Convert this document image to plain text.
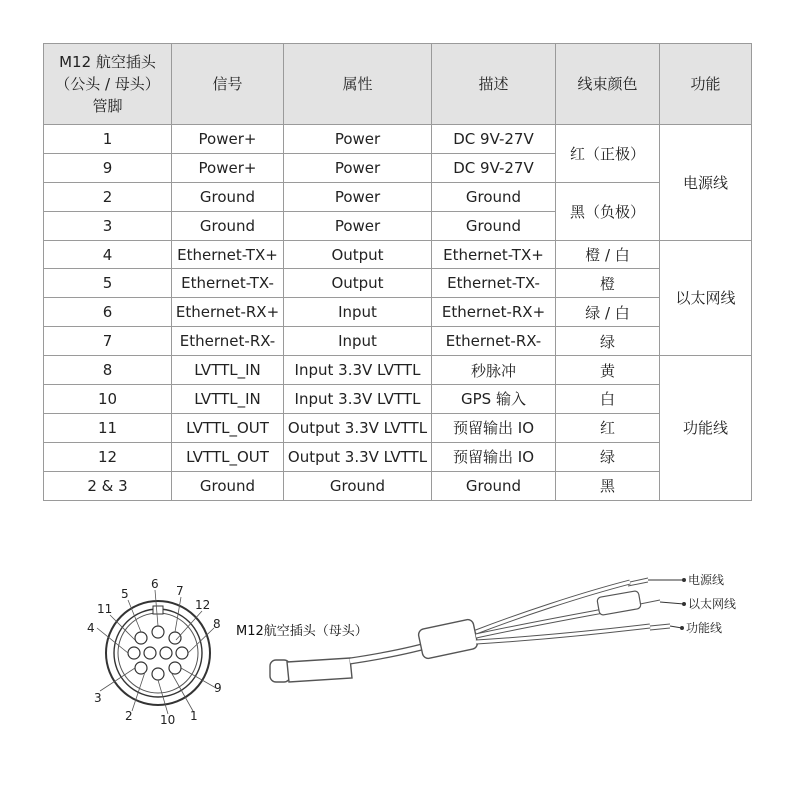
M12 航空插头
（公头 / 母头）
管脚	信号	属性	描述	线束颜色	功能
1	Power+	Power	DC 9V-27V	红（正极）	电源线
9	Power+	Power	DC 9V-27V		
2	Ground	Power	Ground	黑（负极）	
3	Ground	Power	Ground		
4	Ethernet-TX+	Output	Ethernet-TX+	橙 / 白	以太网线
5	Ethernet-TX-	Output	Ethernet-TX-	橙	
6	Ethernet-RX+	Input	Ethernet-RX+	绿 / 白	
7	Ethernet-RX-	Input	Ethernet-RX-	绿	
8	LVTTL_IN	Input 3.3V LVTTL	秒脉冲	黄	功能线
10	LVTTL_IN	Input 3.3V LVTTL	GPS 输入	白	
11	LVTTL_OUT	Output 3.3V LVTTL	预留输出 IO	红	
12	LVTTL_OUT	Output 3.3V LVTTL	预留输出 IO	绿	
2 & 3	Ground	Ground	Ground	黑	
6
5	7
11	12
4	8
3
9
2 10 1
M12航空插头（母头）
电源线
以太网线
功能线
